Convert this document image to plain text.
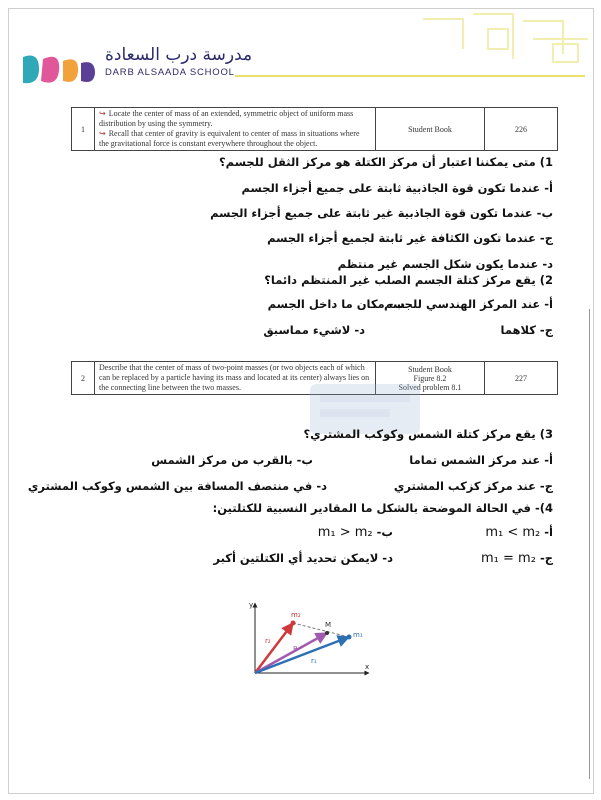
مدرسة درب السعادة
DARB ALSAADA SCHOOL
1	
↪ Locate the center of mass of an extended, symmetric object of uniform mass distribution by using the symmetry.
↪ Recall that center of gravity is equivalent to center of mass in situations where the gravitational force is constant everywhere throughout the object.
	Student Book	226
1) متى يمكننا اعتبار أن مركز الكتلة هو مركز الثقل للجسم؟
أ- عندما تكون قوة الجاذبية ثابتة على جميع أجزاء الجسم
ب- عندما تكون قوة الجاذبية غير ثابتة على جميع أجزاء الجسم
ج- عندما تكون الكثافة غير ثابتة لجميع أجزاء الجسم
د- عندما يكون شكل الجسم غير منتظم
2) يقع مركز كتلة الجسم الصلب غير المنتظم دائما؟
أ- عند المركز الهندسي للجسم
ب- مكان ما داخل الجسم
ج- كلاهما
د- لاشيء مماسبق
2	
Describe that the center of mass of two-point masses (or two objects each of which can be replaced by a particle having its mass and located at its center) always lies on the connecting line between the two masses.
	Student Book
Figure 8.2
problem 8.1	227
3) يقع مركز كتلة الشمس وكوكب المشتري؟
أ- عند مركز الشمس تماما
ب- بالقرب من مركز الشمس
ج- عند مركز كزكب المشتري
د- في منتصف المسافة بين الشمس وكوكب المشتري
4)- في الحالة الموضحة بالشكل ما المقادير النسبية للكتلتين:
أ- m₁ < m₂
ب- m₁ > m₂
ج- m₁ = m₂
د- لايمكن تحديد أي الكتلتين أكبر
m₂
m₁
M
R
r₁
r₂
y
x
